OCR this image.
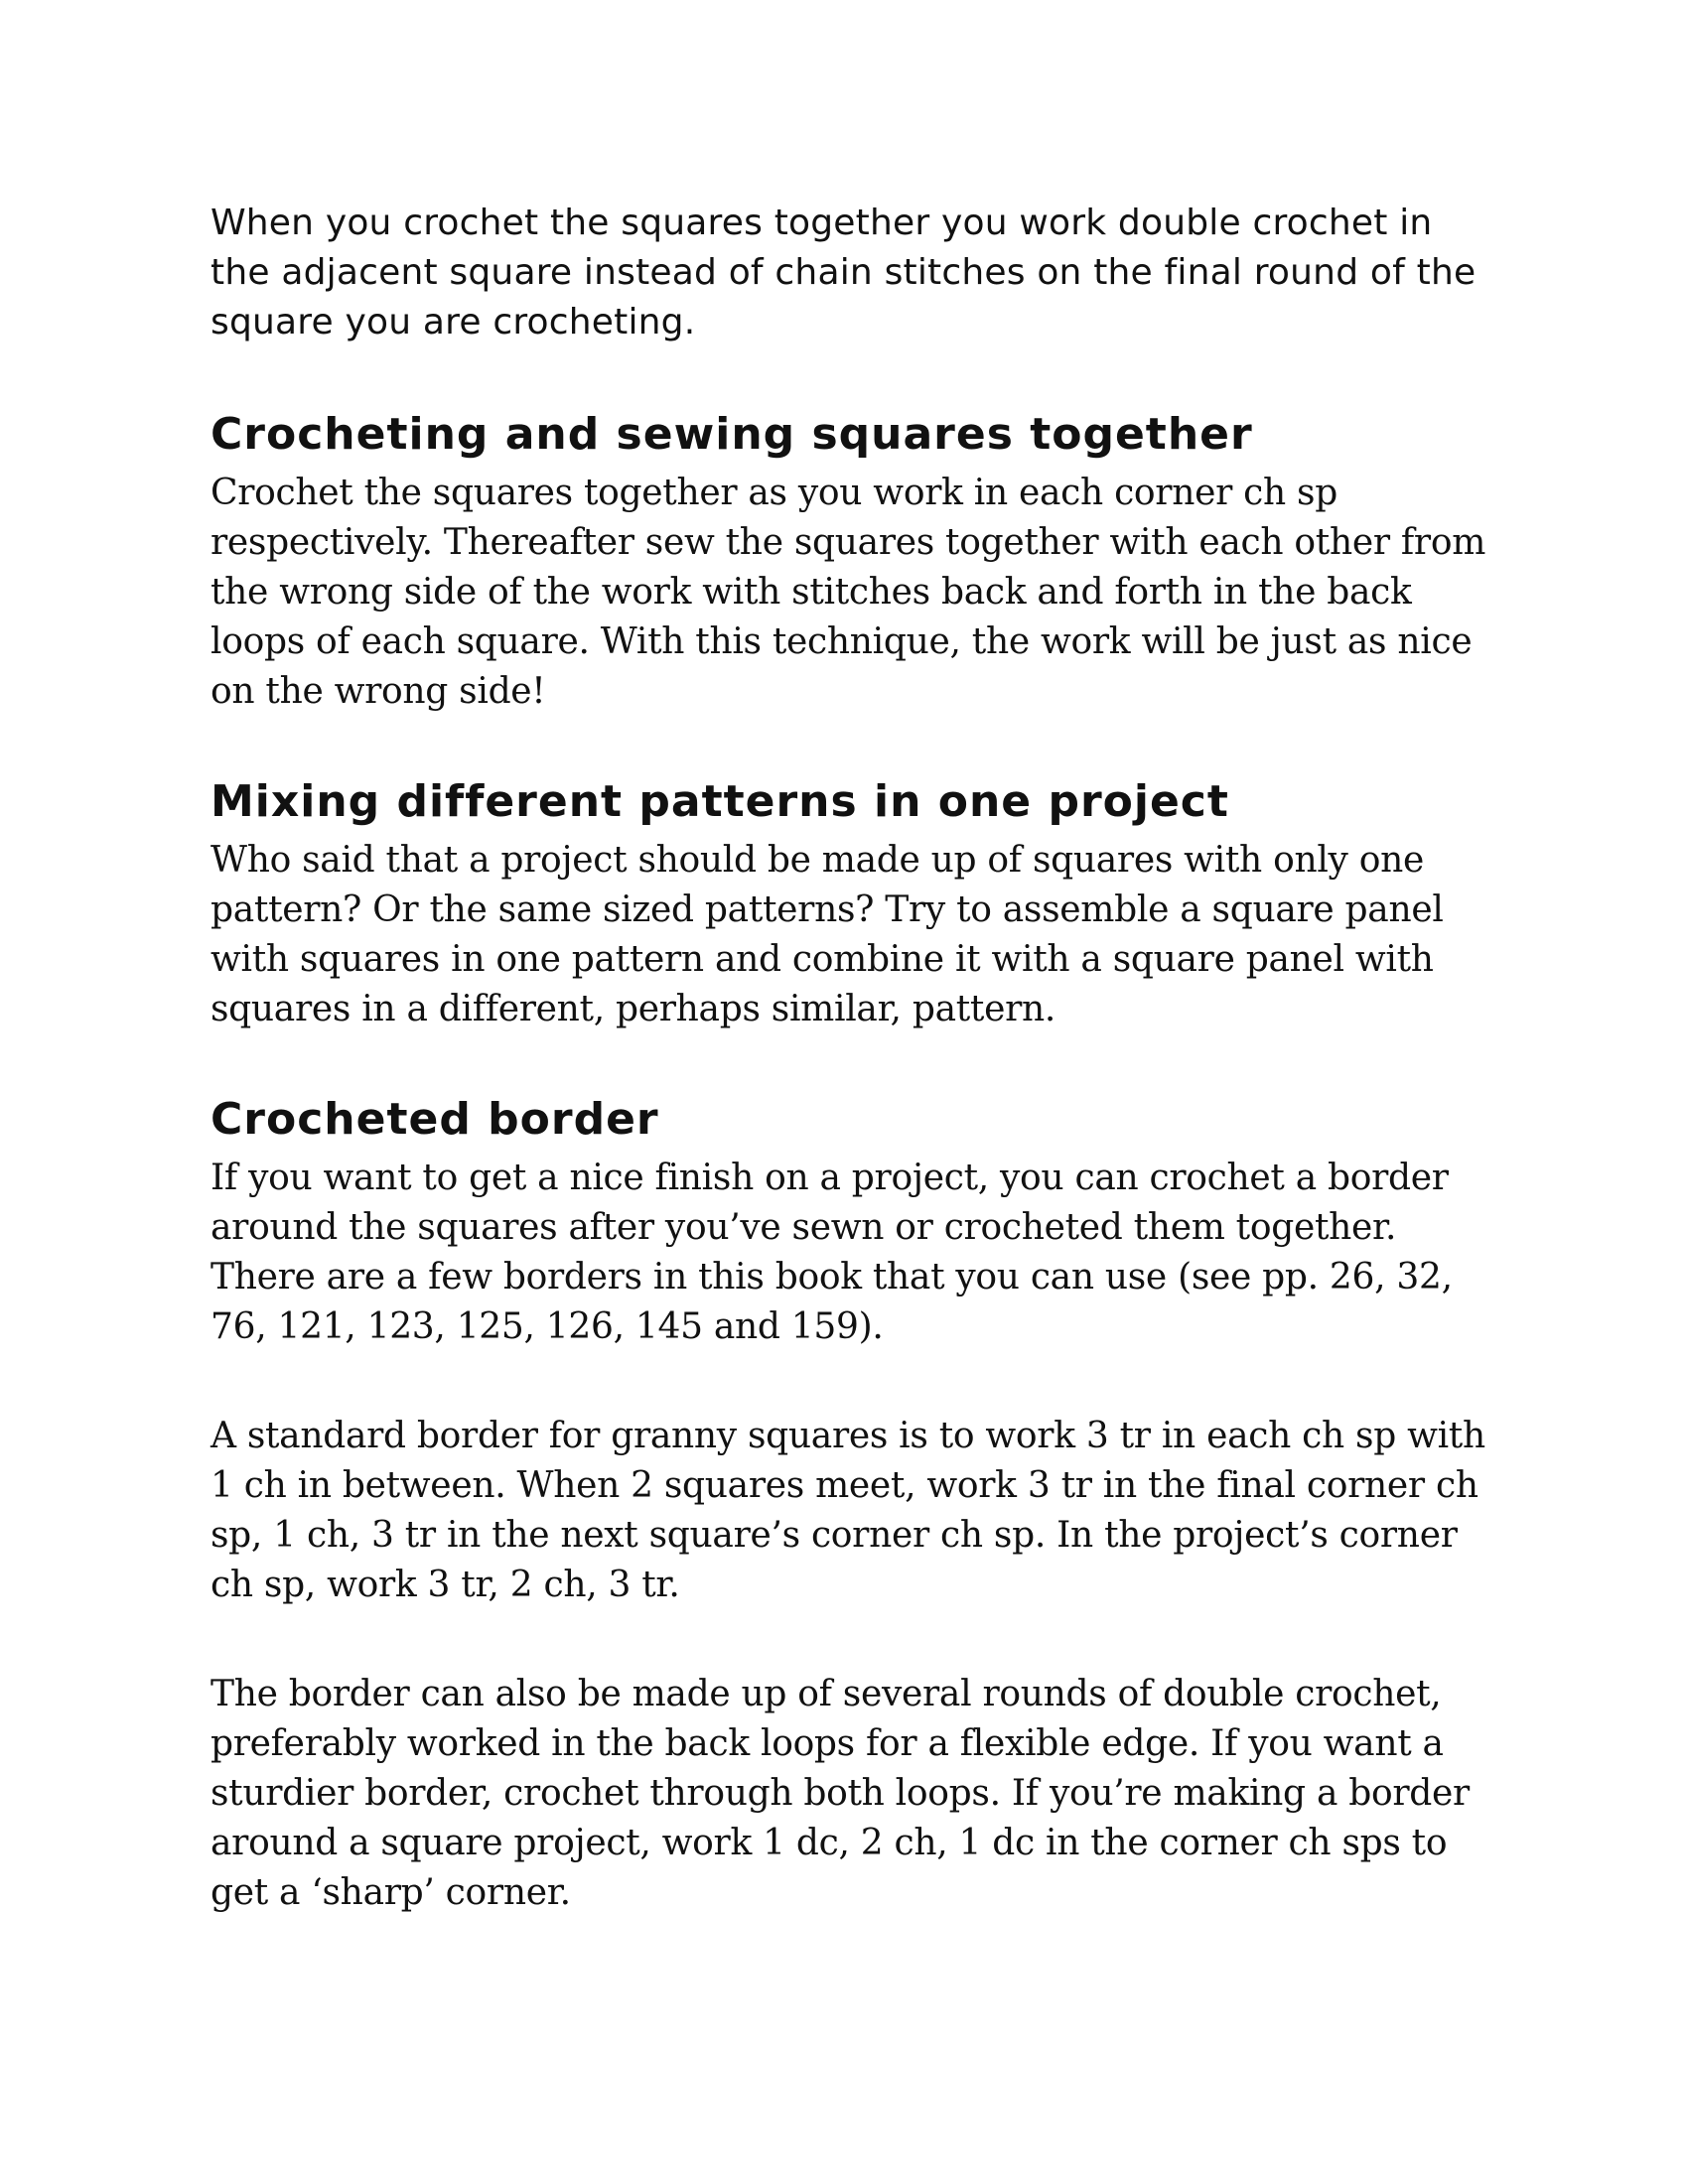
When you crochet the squares together you work double crochet in the adjacent square instead of chain stitches on the final round of the square you are crocheting.

Crocheting and sewing squares together

Crochet the squares together as you work in each corner ch sp respectively. Thereafter sew the squares together with each other from the wrong side of the work with stitches back and forth in the back loops of each square. With this technique, the work will be just as nice on the wrong side!

Mixing different patterns in one project

Who said that a project should be made up of squares with only one pattern? Or the same sized patterns? Try to assemble a square panel with squares in one pattern and combine it with a square panel with squares in a different, perhaps similar, pattern.

Crocheted border

If you want to get a nice finish on a project, you can crochet a border around the squares after you’ve sewn or crocheted them together. There are a few borders in this book that you can use (see pp. 26, 32, 76, 121, 123, 125, 126, 145 and 159).

A standard border for granny squares is to work 3 tr in each ch sp with 1 ch in between. When 2 squares meet, work 3 tr in the final corner ch sp, 1 ch, 3 tr in the next square’s corner ch sp. In the project’s corner ch sp, work 3 tr, 2 ch, 3 tr.

The border can also be made up of several rounds of double crochet, preferably worked in the back loops for a flexible edge. If you want a sturdier border, crochet through both loops. If you’re making a border around a square project, work 1 dc, 2 ch, 1 dc in the corner ch sps to get a ‘sharp’ corner.
